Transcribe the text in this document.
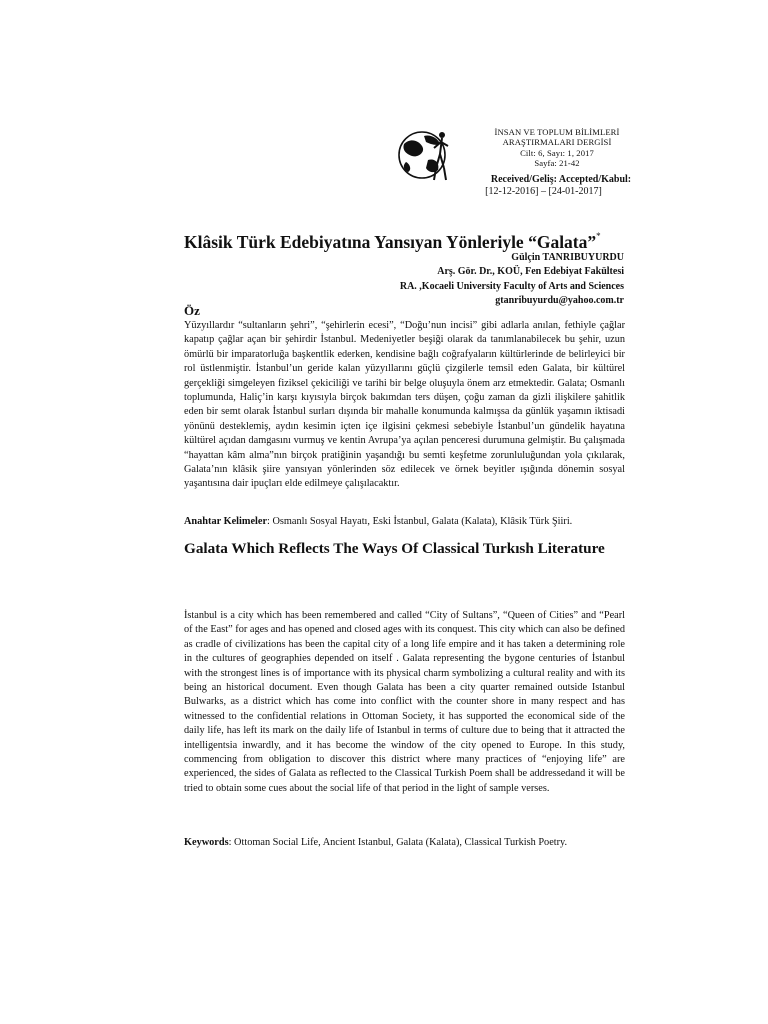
İNSAN VE TOPLUM BİLİMLERİ
ARAŞTIRMALARI DERGİSİ
Cilt: 6, Sayı: 1, 2017
Sayfa: 21-42
Received/Geliş: Accepted/Kabul:
[12-12-2016] – [24-01-2017]
Klâsik Türk Edebiyatına Yansıyan Yönleriyle “Galata”*
Gülçin TANRIBUYURDU
Arş. Gör. Dr., KOÜ, Fen Edebiyat Fakültesi
RA. ,Kocaeli University Faculty of Arts and Sciences
gtanribuyurdu@yahoo.com.tr
Öz

Yüzyıllardır “sultanların şehri”, “şehirlerin ecesi”, “Doğu’nun incisi” gibi adlarla anılan, fethiyle çağlar kapatıp çağlar açan bir şehirdir İstanbul. Medeniyetler beşiği olarak da tanımlanabilecek bu şehir, uzun ömürlü bir imparatorluğa başkentlik ederken, kendisine bağlı coğrafyaların kültürlerinde de belirleyici bir rol üstlenmiştir. İstanbul’un geride kalan yüzyıllarını güçlü çizgilerle temsil eden Galata, bir kültürel gerçekliği simgeleyen fiziksel çekiciliği ve tarihi bir belge oluşuyla önem arz etmektedir. Galata; Osmanlı toplumunda, Haliç’in karşı kıyısıyla birçok bakımdan ters düşen, çoğu zaman da gizli ilişkilere şahitlik eden bir semt olarak İstanbul surları dışında bir mahalle konumunda kalmışsa da günlük yaşamın iktisadi yönünü desteklemiş, aydın kesimin içten içe ilgisini çekmesi sebebiyle İstanbul’un gündelik hayatına kültürel açıdan damgasını vurmuş ve kentin Avrupa’ya açılan penceresi durumuna gelmiştir. Bu çalışmada “hayattan kâm alma”nın birçok pratiğinin yaşandığı bu semti keşfetme zorunluluğundan yola çıkılarak, Galata’nın klâsik şiire yansıyan yönlerinden söz edilecek ve örnek beyitler ışığında dönemin sosyal yaşantısına dair ipuçları elde edilmeye çalışılacaktır.

Anahtar Kelimeler: Osmanlı Sosyal Hayatı, Eski İstanbul, Galata (Kalata), Klâsik Türk Şiiri.

Galata Which Reflects The Ways Of Classical Turkısh Literature

İstanbul is a city which has been remembered and called “City of Sultans”, “Queen of Cities” and “Pearl of the East” for ages and has opened and closed ages with its conquest. This city which can also be defined as cradle of civilizations has been the capital city of a long life empire and it has taken a determining role in the cultures of geographies depended on itself . Galata representing the bygone centuries of İstanbul with the strongest lines is of importance with its physical charm symbolizing a cultural reality and with its being an historical document. Even though Galata has been a city quarter remained outside Istanbul Bulwarks, as a district which has come into conflict with the counter shore in many respect and has witnessed to the confidential relations in Ottoman Society, it has supported the economical side of the daily life, has left its mark on the daily life of Istanbul in terms of culture due to being that it attracted the intelligentsia inwardly, and it has become the window of the city opened to Europe. In this study, commencing from obligation to discover this district where many practices of “enjoying life” are experienced, the sides of Galata as reflected to the Classical Turkish Poem shall be addressedand it will be tried to obtain some cues about the social life of that period in the light of sample verses.

Keywords: Ottoman Social Life, Ancient Istanbul, Galata (Kalata), Classical Turkish Poetry.
